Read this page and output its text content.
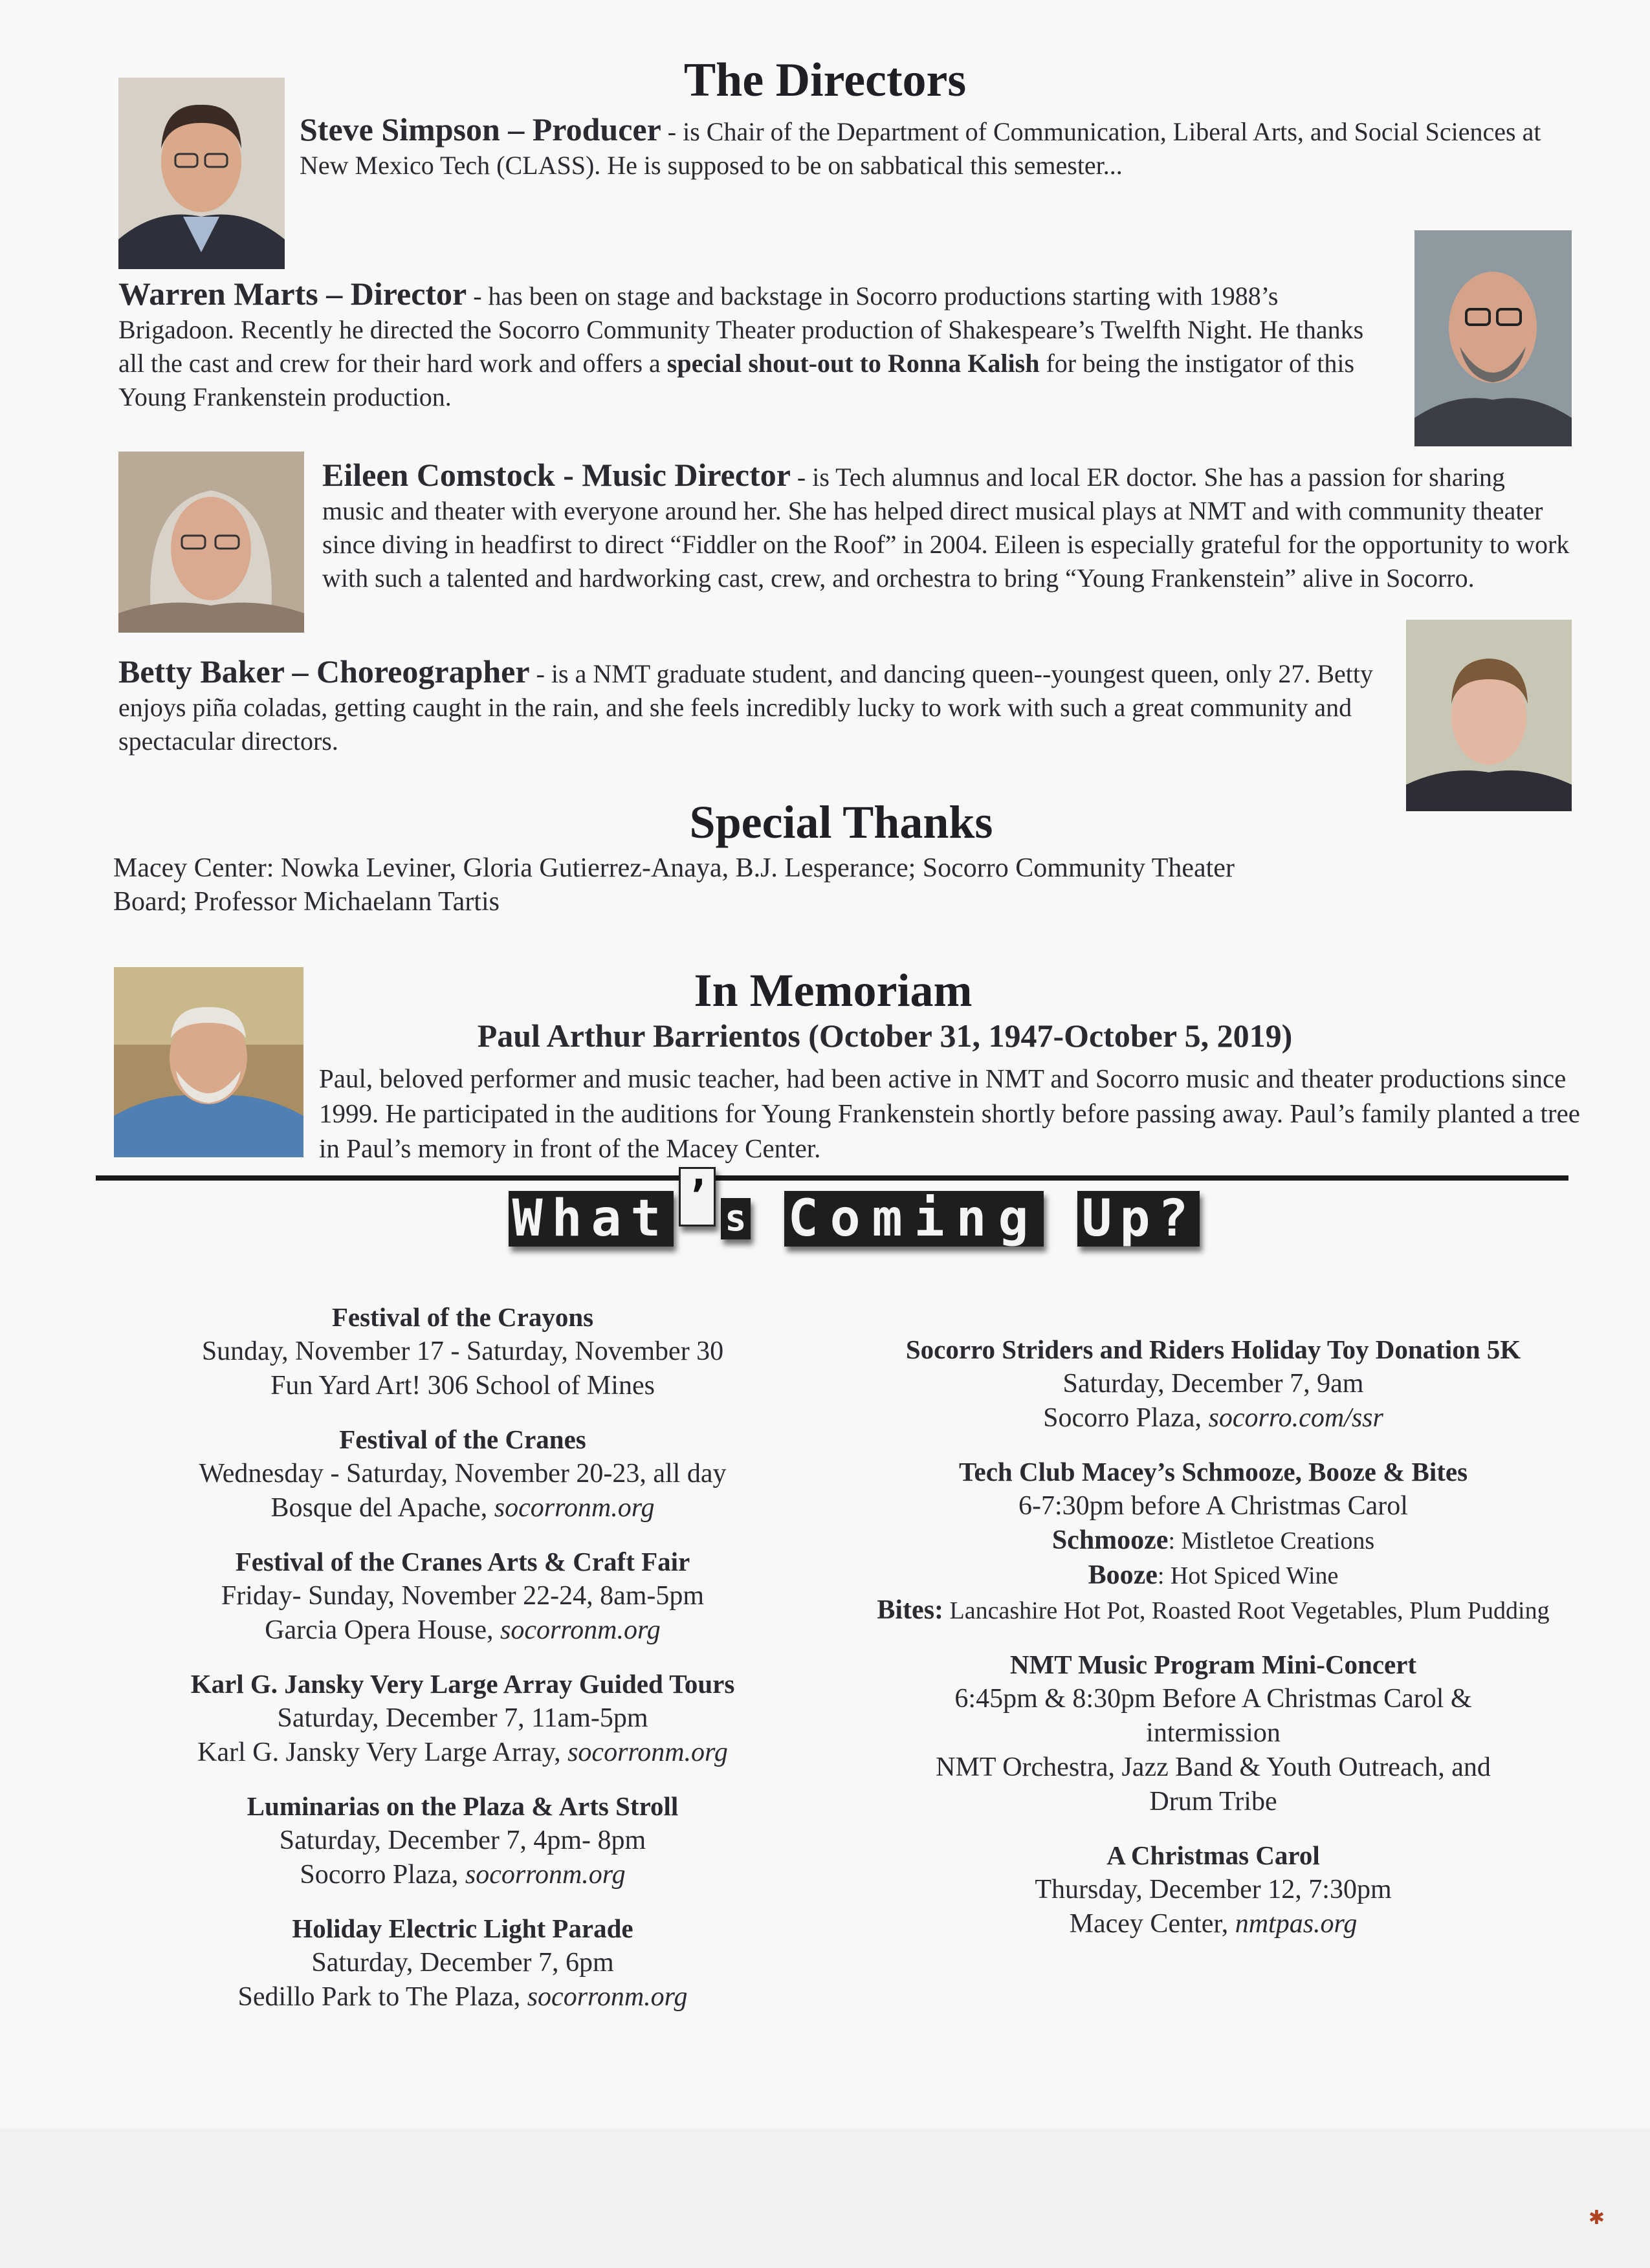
The Directors
Steve Simpson – Producer - is Chair of the Department of Communication, Liberal Arts, and Social Sciences at New Mexico Tech (CLASS). He is supposed to be on sabbatical this semester...
Warren Marts – Director - has been on stage and backstage in Socorro productions starting with 1988’s Brigadoon. Recently he directed the Socorro Community Theater production of Shakespeare’s Twelfth Night. He thanks all the cast and crew for their hard work and offers a special shout-out to Ronna Kalish for being the instigator of this Young Frankenstein production.
Eileen Comstock - Music Director - is Tech alumnus and local ER doctor. She has a passion for sharing music and theater with everyone around her. She has helped direct musical plays at NMT and with community theater since diving in headfirst to direct “Fiddler on the Roof” in 2004. Eileen is especially grateful for the opportunity to work with such a talented and hardworking cast, crew, and orchestra to bring “Young Frankenstein” alive in Socorro.
Betty Baker – Choreographer - is a NMT graduate student, and dancing queen--youngest queen, only 27. Betty enjoys piña coladas, getting caught in the rain, and she feels incredibly lucky to work with such a great community and spectacular directors.
Special Thanks
Macey Center: Nowka Leviner, Gloria Gutierrez-Anaya, B.J. Lesperance; Socorro Community Theater Board; Professor Michaelann Tartis
In Memoriam
Paul Arthur Barrientos (October 31, 1947-October 5, 2019)
Paul, beloved performer and music teacher, had been active in NMT and Socorro music and theater productions since 1999. He participated in the auditions for Young Frankenstein shortly before passing away. Paul’s family planted a tree in Paul’s memory in front of the Macey Center.
What ’ s Coming Up?
Festival of the Crayons
Sunday, November 17 - Saturday, November 30
Fun Yard Art! 306 School of Mines
Festival of the Cranes
Wednesday - Saturday, November 20-23, all day
Bosque del Apache, socorronm.org
Festival of the Cranes Arts & Craft Fair
Friday- Sunday, November 22-24, 8am-5pm
Garcia Opera House, socorronm.org
Karl G. Jansky Very Large Array Guided Tours
Saturday, December 7, 11am-5pm
Karl G. Jansky Very Large Array, socorronm.org
Luminarias on the Plaza & Arts Stroll
Saturday, December 7, 4pm- 8pm
Socorro Plaza, socorronm.org
Holiday Electric Light Parade
Saturday, December 7, 6pm
Sedillo Park to The Plaza, socorronm.org
Socorro Striders and Riders Holiday Toy Donation 5K
Saturday, December 7, 9am
Socorro Plaza, socorro.com/ssr
Tech Club Macey’s Schmooze, Booze & Bites
6-7:30pm before A Christmas Carol
Schmooze: Mistletoe Creations
Booze: Hot Spiced Wine
Bites: Lancashire Hot Pot, Roasted Root Vegetables, Plum Pudding
NMT Music Program Mini-Concert
6:45pm & 8:30pm Before A Christmas Carol & intermission
NMT Orchestra, Jazz Band & Youth Outreach, and Drum Tribe
A Christmas Carol
Thursday, December 12, 7:30pm
Macey Center, nmtpas.org
✱
